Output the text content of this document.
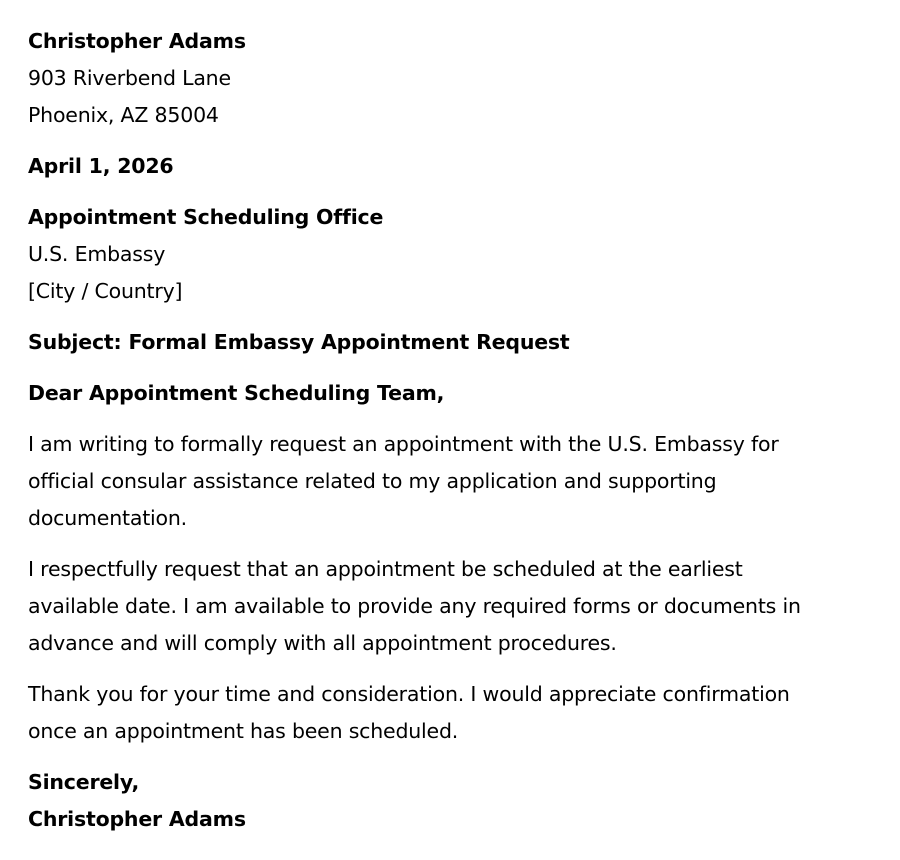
Christopher Adams
903 Riverbend Lane
Phoenix, AZ 85004
April 1, 2026
Appointment Scheduling Office
U.S. Embassy
[City / Country]
Subject: Formal Embassy Appointment Request
Dear Appointment Scheduling Team,
I am writing to formally request an appointment with the U.S. Embassy for
official consular assistance related to my application and supporting
documentation.
I respectfully request that an appointment be scheduled at the earliest
available date. I am available to provide any required forms or documents in
advance and will comply with all appointment procedures.
Thank you for your time and consideration. I would appreciate confirmation
once an appointment has been scheduled.
Sincerely,
Christopher Adams
